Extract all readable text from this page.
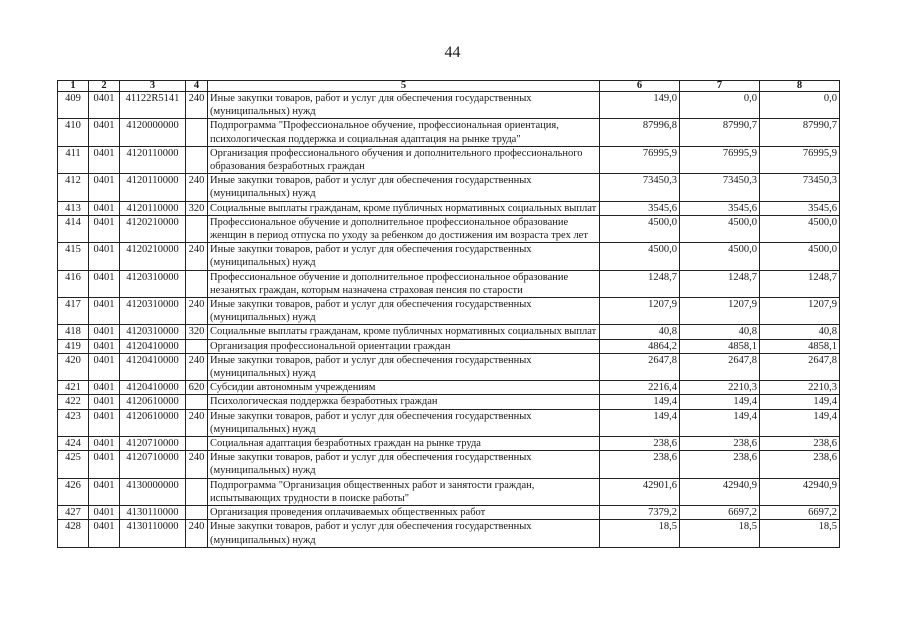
44
1	2	3	4	5	6	7	8
409	0401	41122R5141	240	Иные закупки товаров, работ и услуг для обеспечения государственных (муниципальных) нужд	149,0	0,0	0,0
410	0401	4120000000		Подпрограмма "Профессиональное обучение, профессиональная ориентация, психологическая поддержка и социальная адаптация на рынке труда"	87996,8	87990,7	87990,7
411	0401	4120110000		Организация профессионального обучения и дополнительного профессионального образования безработных граждан	76995,9	76995,9	76995,9
412	0401	4120110000	240	Иные закупки товаров, работ и услуг для обеспечения государственных (муниципальных) нужд	73450,3	73450,3	73450,3
413	0401	4120110000	320	Социальные выплаты гражданам, кроме публичных нормативных социальных выплат	3545,6	3545,6	3545,6
414	0401	4120210000		Профессиональное обучение и дополнительное профессиональное образование женщин в период отпуска по уходу за ребенком до достижения им возраста трех лет	4500,0	4500,0	4500,0
415	0401	4120210000	240	Иные закупки товаров, работ и услуг для обеспечения государственных (муниципальных) нужд	4500,0	4500,0	4500,0
416	0401	4120310000		Профессиональное обучение и дополнительное профессиональное образование незанятых граждан, которым назначена страховая пенсия по старости	1248,7	1248,7	1248,7
417	0401	4120310000	240	Иные закупки товаров, работ и услуг для обеспечения государственных (муниципальных) нужд	1207,9	1207,9	1207,9
418	0401	4120310000	320	Социальные выплаты гражданам, кроме публичных нормативных социальных выплат	40,8	40,8	40,8
419	0401	4120410000		Организация профессиональной ориентации граждан	4864,2	4858,1	4858,1
420	0401	4120410000	240	Иные закупки товаров, работ и услуг для обеспечения государственных (муниципальных) нужд	2647,8	2647,8	2647,8
421	0401	4120410000	620	Субсидии автономным учреждениям	2216,4	2210,3	2210,3
422	0401	4120610000		Психологическая поддержка безработных граждан	149,4	149,4	149,4
423	0401	4120610000	240	Иные закупки товаров, работ и услуг для обеспечения государственных (муниципальных) нужд	149,4	149,4	149,4
424	0401	4120710000		Социальная адаптация безработных граждан на рынке труда	238,6	238,6	238,6
425	0401	4120710000	240	Иные закупки товаров, работ и услуг для обеспечения государственных (муниципальных) нужд	238,6	238,6	238,6
426	0401	4130000000		Подпрограмма "Организация общественных работ и занятости граждан, испытывающих трудности в поиске работы"	42901,6	42940,9	42940,9
427	0401	4130110000		Организация проведения оплачиваемых общественных работ	7379,2	6697,2	6697,2
428	0401	4130110000	240	Иные закупки товаров, работ и услуг для обеспечения государственных (муниципальных) нужд	18,5	18,5	18,5
